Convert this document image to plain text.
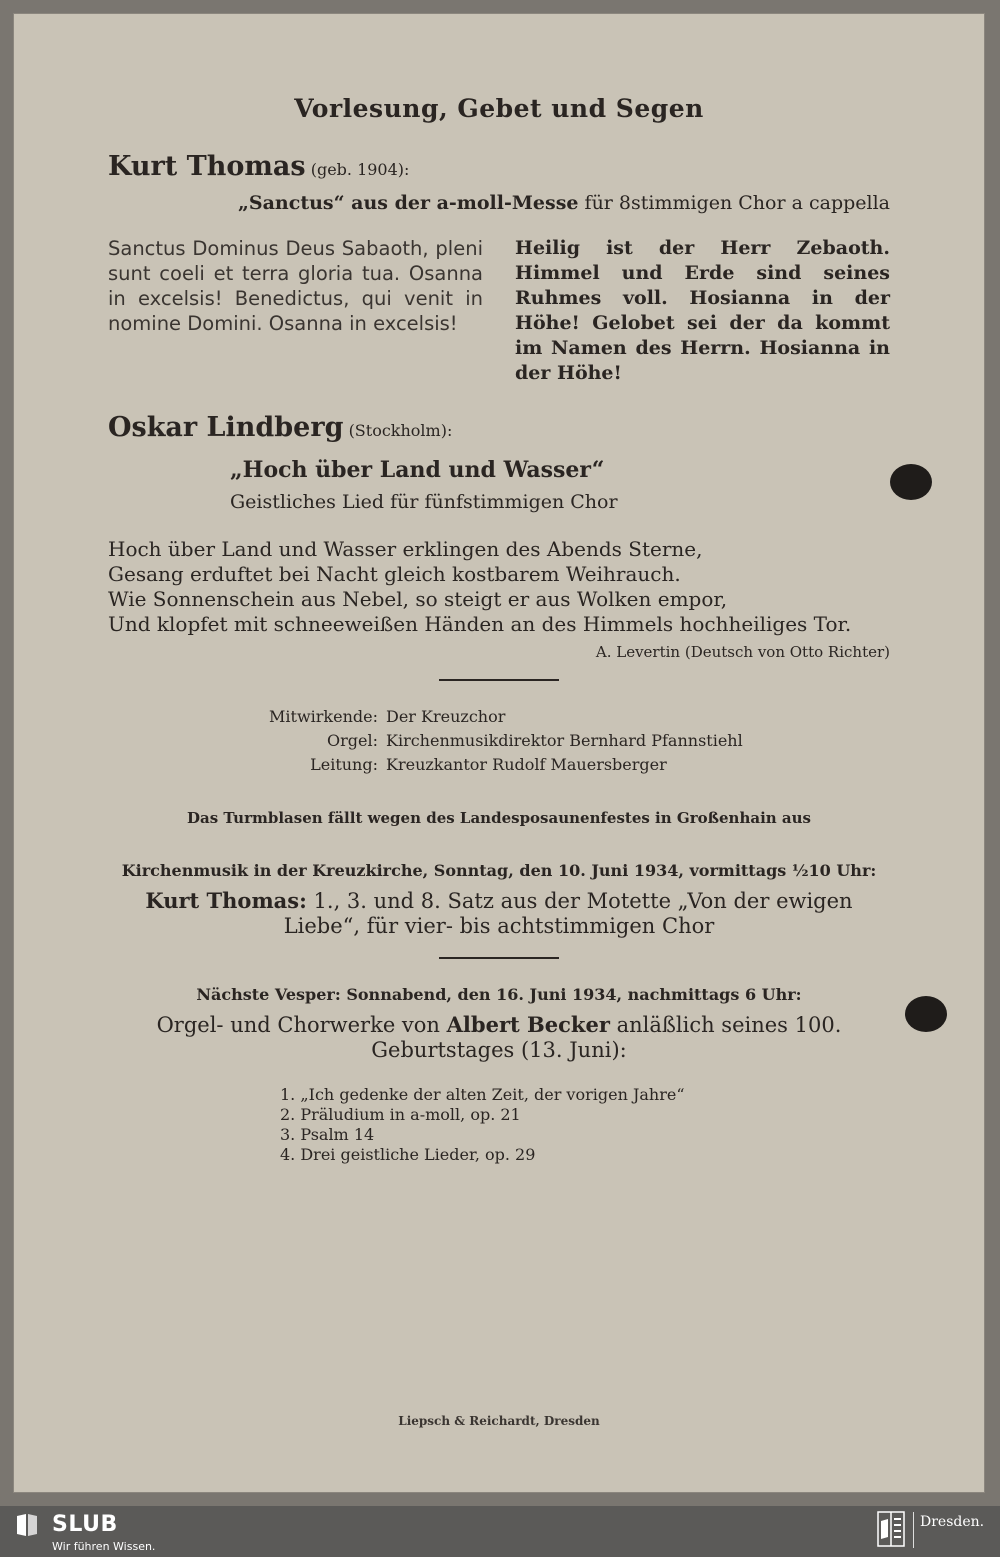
Vorlesung, Gebet und Segen
Kurt Thomas (geb. 1904):
„Sanctus“ aus der a-moll-Messe für 8stimmigen Chor a cappella
Sanctus Dominus Deus Sabaoth, pleni sunt coeli et terra gloria tua. Osanna in excelsis! Benedictus, qui venit in nomine Domini. Osanna in excelsis!
Heilig ist der Herr Zebaoth. Himmel und Erde sind seines Ruhmes voll. Hosianna in der Höhe! Gelobet sei der da kommt im Namen des Herrn. Hosianna in der Höhe!
Oskar Lindberg (Stockholm):
„Hoch über Land und Wasser“
Geistliches Lied für fünfstimmigen Chor
Hoch über Land und Wasser erklingen des Abends Sterne,
Gesang erduftet bei Nacht gleich kostbarem Weihrauch.
Wie Sonnenschein aus Nebel, so steigt er aus Wolken empor,
Und klopfet mit schneeweißen Händen an des Himmels hochheiliges Tor.
A. Levertin (Deutsch von Otto Richter)
Mitwirkende: Der Kreuzchor
Orgel: Kirchenmusikdirektor Bernhard Pfannstiehl
Leitung: Kreuzkantor Rudolf Mauersberger
Das Turmblasen fällt wegen des Landesposaunenfestes in Großenhain aus
Kirchenmusik in der Kreuzkirche, Sonntag, den 10. Juni 1934, vormittags ½10 Uhr:
Kurt Thomas: 1., 3. und 8. Satz aus der Motette „Von der ewigen Liebe“, für vier- bis achtstimmigen Chor
Nächste Vesper: Sonnabend, den 16. Juni 1934, nachmittags 6 Uhr:
Orgel- und Chorwerke von Albert Becker anläßlich seines 100. Geburtstages (13. Juni):
1. „Ich gedenke der alten Zeit, der vorigen Jahre“
2. Präludium in a-moll, op. 21
3. Psalm 14
4. Drei geistliche Lieder, op. 29
Liepsch & Reichardt, Dresden
SLUB
Wir führen Wissen.
Dresden.
